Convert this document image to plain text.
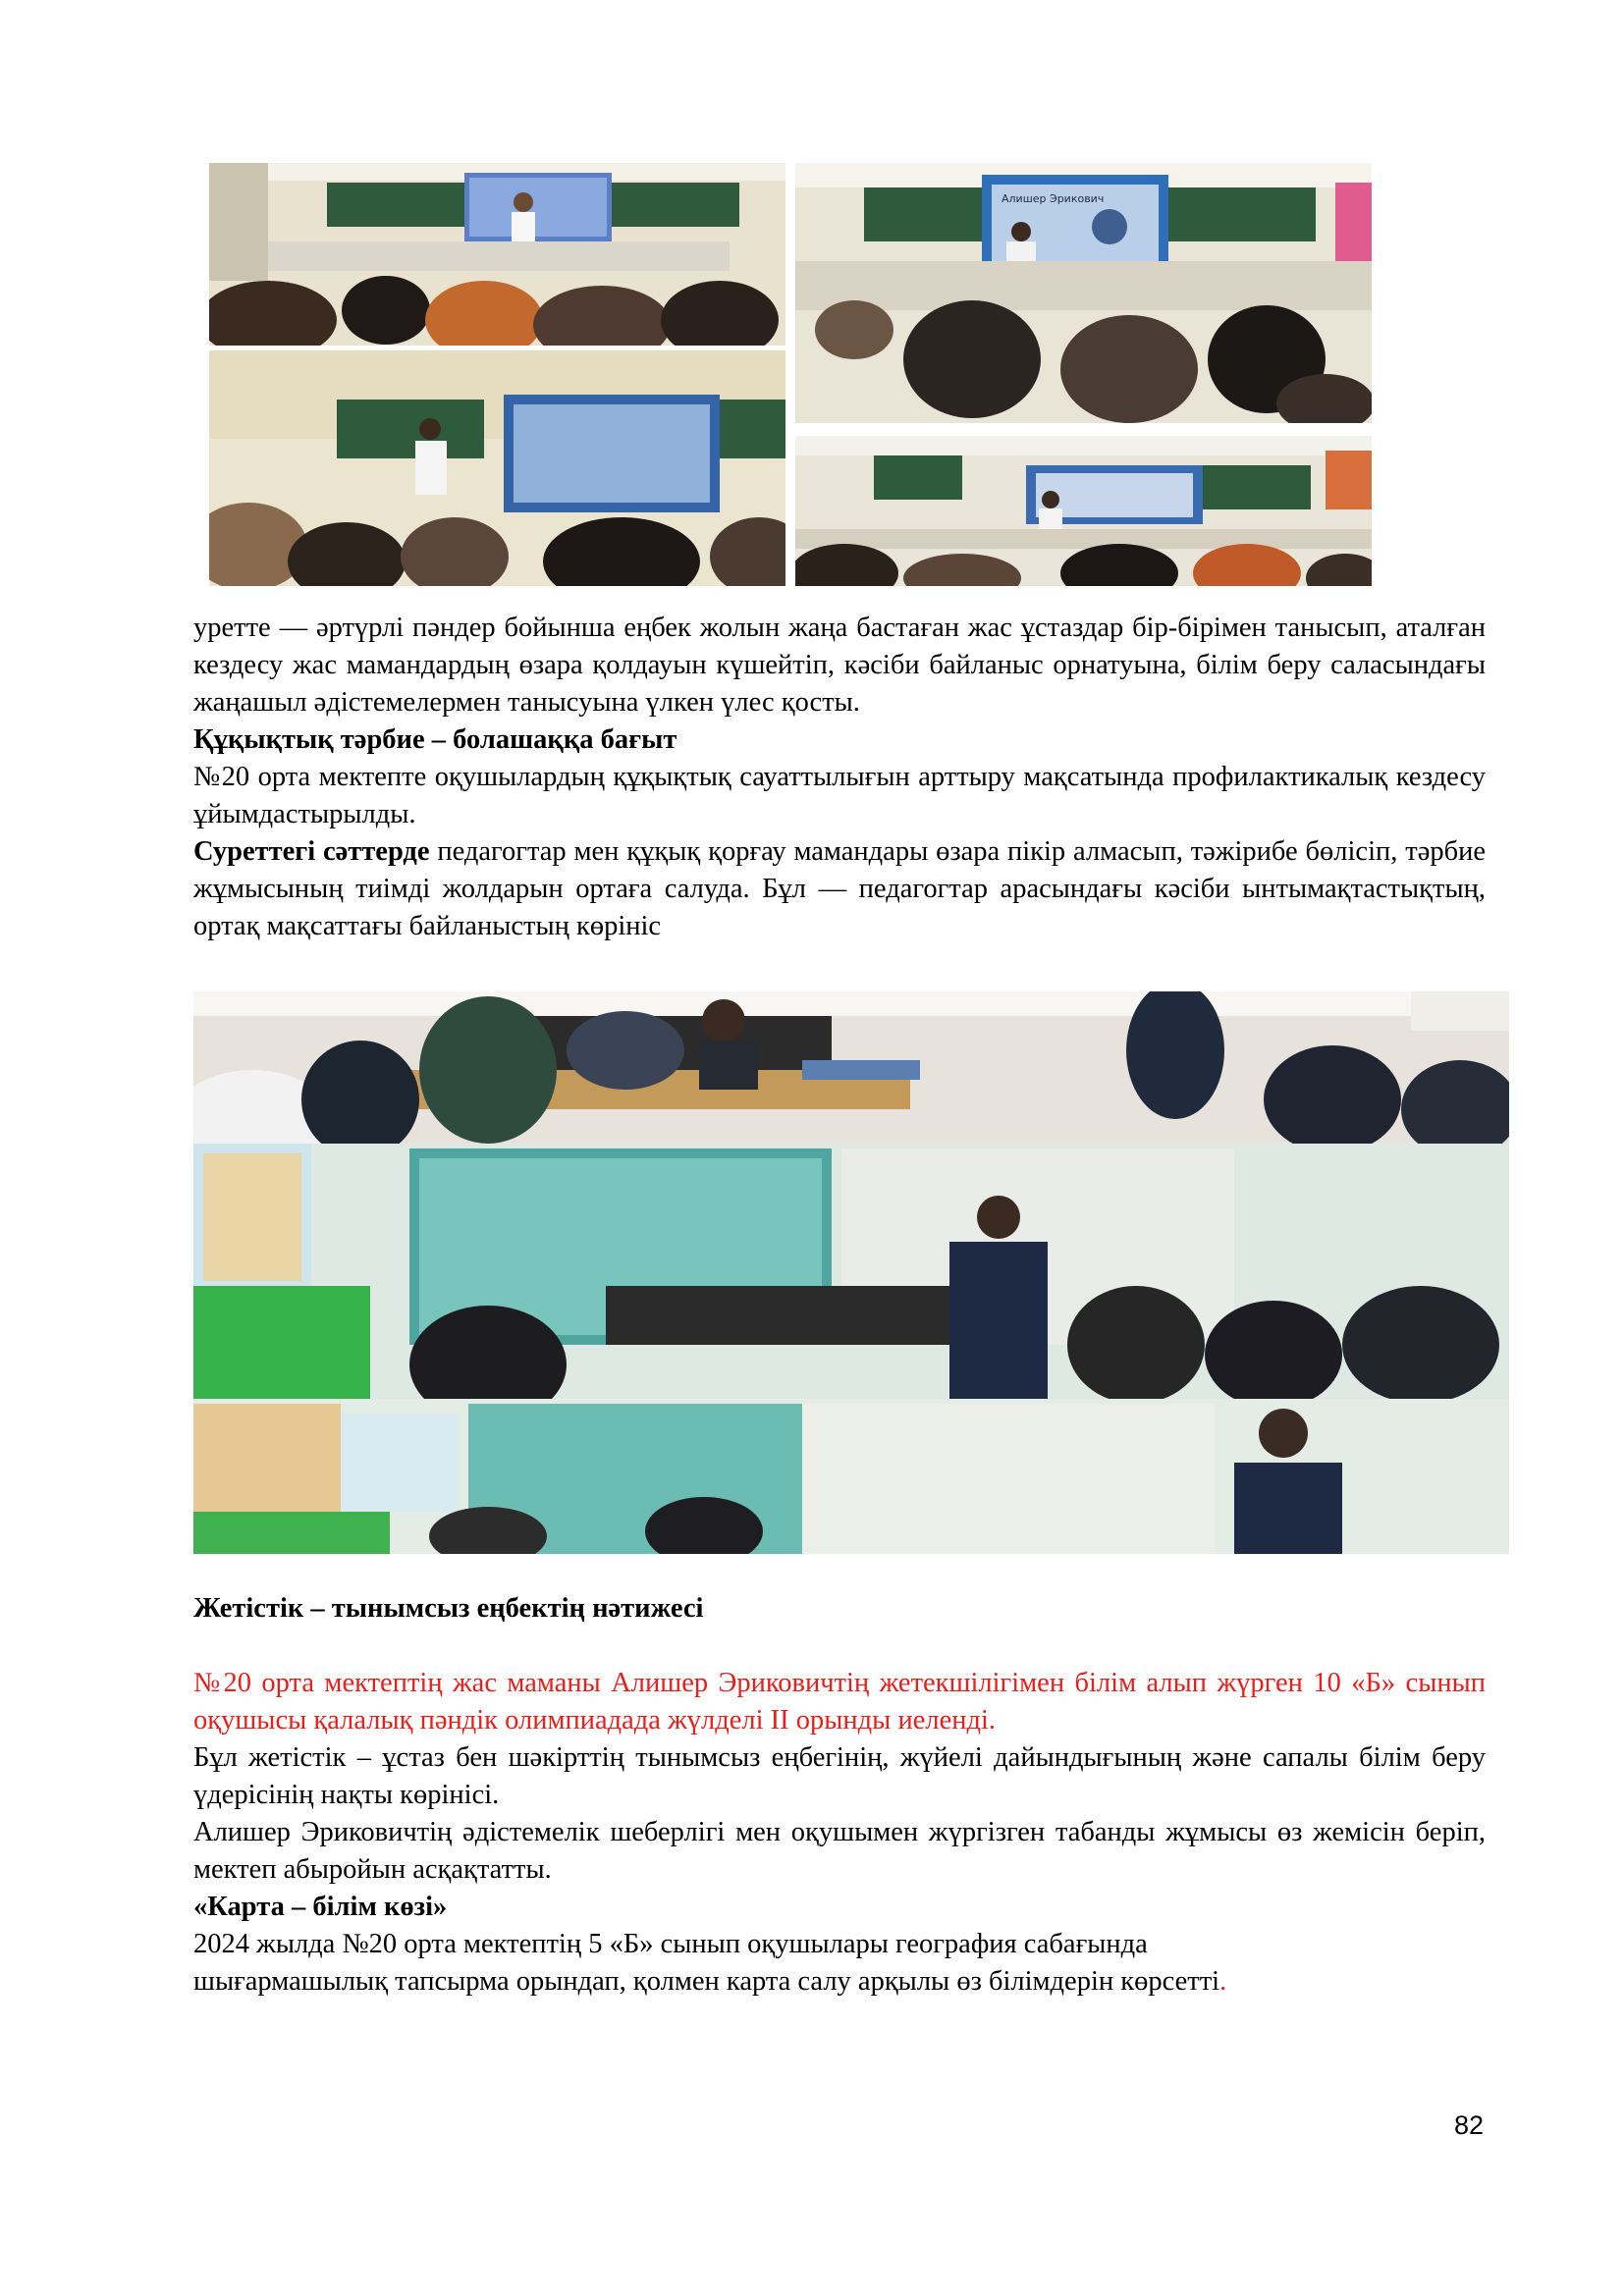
Алишер Эрикович

уретте — әртүрлі пәндер бойынша еңбек жолын жаңа бастаған жас ұстаздар бір-бірімен танысып, аталған кездесу жас мамандардың өзара қолдауын күшейтіп, кәсіби байланыс орнатуына, білім беру саласындағы жаңашыл әдістемелермен танысуына үлкен үлес қосты.

Құқықтық тәрбие – болашаққа бағыт

№20 орта мектепте оқушылардың құқықтық сауаттылығын арттыру мақсатында профилактикалық кездесу ұйымдастырылды.

Суреттегі сәттерде педагогтар мен құқық қорғау мамандары өзара пікір алмасып, тәжірибе бөлісіп, тәрбие жұмысының тиімді жолдарын ортаға салуда. Бұл — педагогтар арасындағы кәсіби ынтымақтастықтың, ортақ мақсаттағы байланыстың көрініс

Жетістік – тынымсыз еңбектің нәтижесі

№20 орта мектептің жас маманы Алишер Эриковичтің жетекшілігімен білім алып жүрген 10 «Б» сынып оқушысы қалалық пәндік олимпиадада жүлделі ІІ орынды иеленді.

Бұл жетістік – ұстаз бен шәкірттің тынымсыз еңбегінің, жүйелі дайындығының және сапалы білім беру үдерісінің нақты көрінісі.

Алишер Эриковичтің әдістемелік шеберлігі мен оқушымен жүргізген табанды жұмысы өз жемісін беріп, мектеп абыройын асқақтатты.

«Карта – білім көзі»

2024 жылда №20 орта мектептің 5 «Б» сынып оқушылары география сабағында

шығармашылық тапсырма орындап, қолмен карта салу арқылы өз білімдерін көрсетті.

82
